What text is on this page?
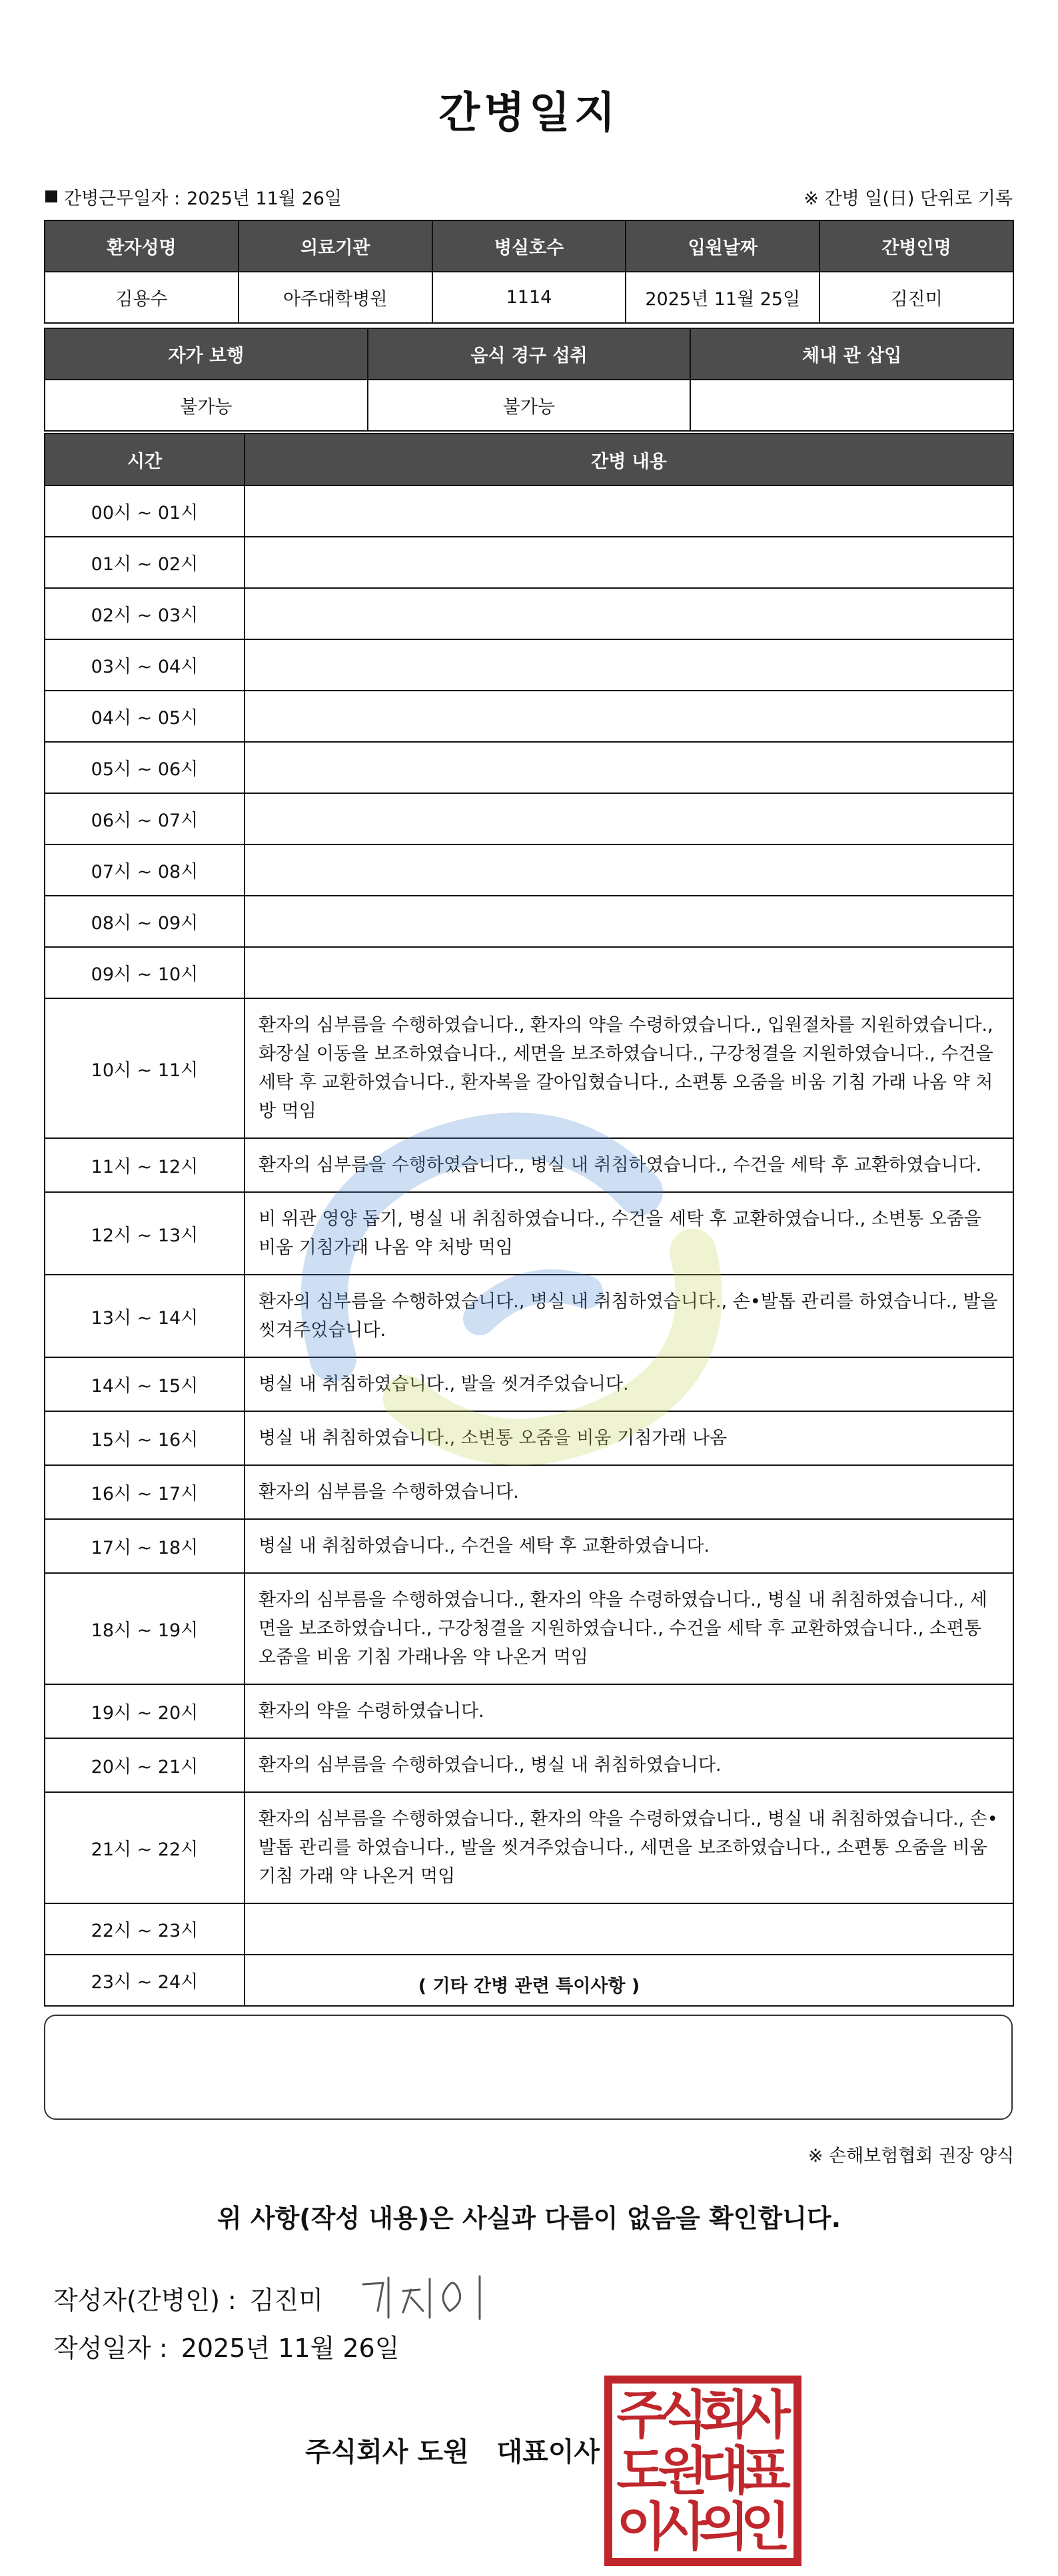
간병일지
간병근무일자 : 2025년 11월 26일	※ 간병 일(日) 단위로 기록
환자성명	의료기관	병실호수	입원날짜	간병인명
김용수	아주대학병원	1114	2025년 11월 25일	김진미
자가 보행	음식 경구 섭취	체내 관 삽입
불가능	불가능	
시간	간병 내용
00시 ~ 01시	
01시 ~ 02시	
02시 ~ 03시	
03시 ~ 04시	
04시 ~ 05시	
05시 ~ 06시	
06시 ~ 07시	
07시 ~ 08시	
08시 ~ 09시	
09시 ~ 10시	
10시 ~ 11시	환자의 심부름을 수행하였습니다., 환자의 약을 수령하였습니다., 입원절차를 지원하였습니다., 화장실 이동을 보조하였습니다., 세면을 보조하였습니다., 구강청결을 지원하였습니다., 수건을 세탁 후 교환하였습니다., 환자복을 갈아입혔습니다., 소편통 오줌을 비움 기침 가래 나옴 약 처방 먹임
11시 ~ 12시	환자의 심부름을 수행하였습니다., 병실 내 취침하였습니다., 수건을 세탁 후 교환하였습니다.
12시 ~ 13시	비 위관 영양 돕기, 병실 내 취침하였습니다., 수건을 세탁 후 교환하였습니다., 소변통 오줌을 비움 기침가래 나옴 약 처방 먹임
13시 ~ 14시	환자의 심부름을 수행하였습니다., 병실 내 취침하였습니다., 손•발톱 관리를 하였습니다., 발을 씻겨주었습니다.
14시 ~ 15시	병실 내 취침하였습니다., 발을 씻겨주었습니다.
15시 ~ 16시	병실 내 취침하였습니다., 소변통 오줌을 비움 기침가래 나옴
16시 ~ 17시	환자의 심부름을 수행하였습니다.
17시 ~ 18시	병실 내 취침하였습니다., 수건을 세탁 후 교환하였습니다.
18시 ~ 19시	환자의 심부름을 수행하였습니다., 환자의 약을 수령하였습니다., 병실 내 취침하였습니다., 세면을 보조하였습니다., 구강청결을 지원하였습니다., 수건을 세탁 후 교환하였습니다., 소편통 오줌을 비움 기침 가래나옴 약 나온거 먹임
19시 ~ 20시	환자의 약을 수령하였습니다.
20시 ~ 21시	환자의 심부름을 수행하였습니다., 병실 내 취침하였습니다.
21시 ~ 22시	환자의 심부름을 수행하였습니다., 환자의 약을 수령하였습니다., 병실 내 취침하였습니다., 손•발톱 관리를 하였습니다., 발을 씻겨주었습니다., 세면을 보조하였습니다., 소편통 오줌을 비움 기침 가래 약 나온거 먹임
22시 ~ 23시	
23시 ~ 24시		( 기타 간병 관련 특이사항 )
※ 손해보험협회 권장 양식
위 사항(작성 내용)은 사실과 다름이 없음을 확인합니다.
작성자(간병인) : 김진미
작성일자 : 2025년 11월 26일
주식회사 도원 대표이사
주
식
회
사
도
원
대
표
이
사
의
인
